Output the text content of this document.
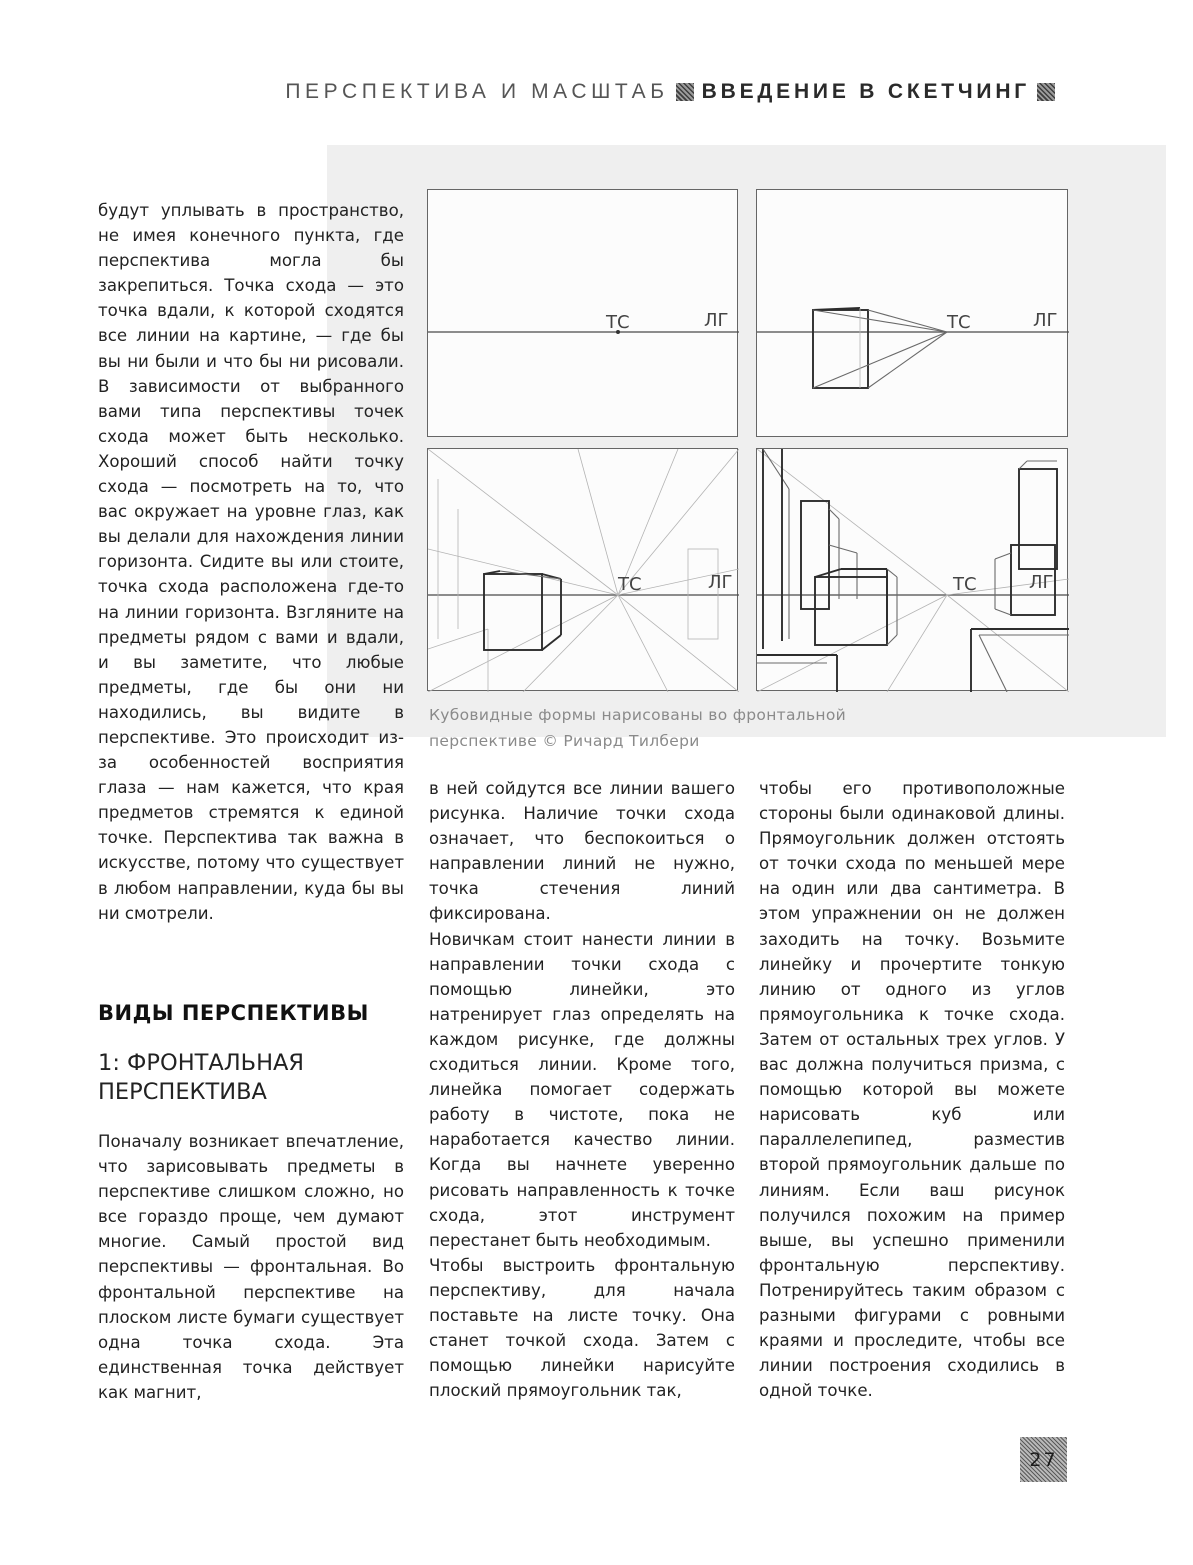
ПЕРСПЕКТИВА И МАСШТАБ ВВЕДЕНИЕ В СКЕТЧИНГ
ТС	ЛГ	ТС	ЛГ
ТС	ЛГ	ТС	ЛГ
Кубовидные формы нарисованы во фронтальной перспективе © Ричард Тилбери

будут уплывать в пространство, не имея конечного пункта, где перспектива могла бы закрепиться. Точка схода — это точка вдали, к которой сходятся все линии на картине, — где бы вы ни были и что бы ни рисовали. В зависимости от выбранного вами типа перспективы точек схода может быть несколько. Хороший способ найти точку схода — посмотреть на то, что вас окружает на уровне глаз, как вы делали для нахождения линии горизонта. Сидите вы или стоите, точка схода расположена где-то на линии горизонта. Взгляните на предметы рядом с вами и вдали, и вы заметите, что любые предметы, где бы они ни находились, вы видите в перспективе. Это происходит из-за особенностей восприятия глаза — нам кажется, что края предметов стремятся к единой точке. Перспектива так важна в искусстве, потому что существует в любом направлении, куда бы вы ни смотрели.

ВИДЫ ПЕРСПЕКТИВЫ
1: ФРОНТАЛЬНАЯ ПЕРСПЕКТИВА

Поначалу возникает впечатление, что зарисовывать предметы в перспективе слишком сложно, но все гораздо проще, чем думают многие. Самый простой вид перспективы — фронтальная. Во фронтальной перспективе на плоском листе бумаги существует одна точка схода. Эта единственная точка действует как магнит,

в ней сойдутся все линии вашего рисунка. Наличие точки схода означает, что беспокоиться о направлении линий не нужно, точка стечения линий фиксирована.

Новичкам стоит нанести линии в направлении точки схода с помощью линейки, это натренирует глаз определять на каждом рисунке, где должны сходиться линии. Кроме того, линейка помогает содержать работу в чистоте, пока не наработается качество линии. Когда вы начнете уверенно рисовать направленность к точке схода, этот инструмент перестанет быть необходимым.

Чтобы выстроить фронтальную перспективу, для начала поставьте на листе точку. Она станет точкой схода. Затем с помощью линейки нарисуйте плоский прямоугольник так,

чтобы его противоположные стороны были одинаковой длины. Прямоугольник должен отстоять от точки схода по меньшей мере на один или два сантиметра. В этом упражнении он не должен заходить на точку. Возьмите линейку и прочертите тонкую линию от одного из углов прямоугольника к точке схода. Затем от остальных трех углов. У вас должна получиться призма, с помощью которой вы можете нарисовать куб или параллелепипед, разместив второй прямоугольник дальше по линиям. Если ваш рисунок получился похожим на пример выше, вы успешно применили фронтальную перспективу. Потренируйтесь таким образом с разными фигурами с ровными краями и проследите, чтобы все линии построения сходились в одной точке.

27
